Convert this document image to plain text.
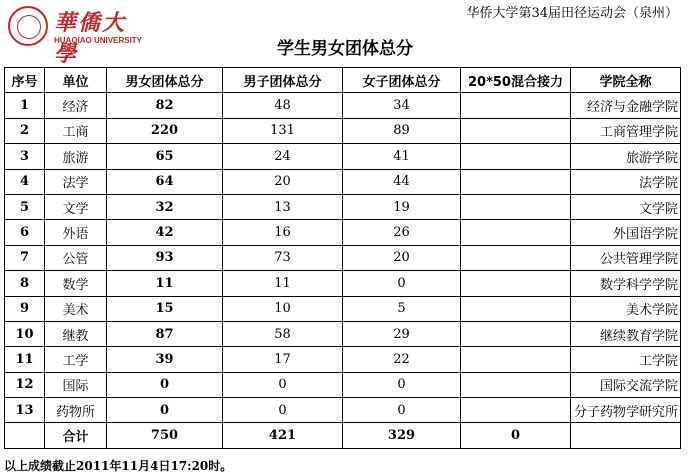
华侨大学第34届田径运动会（泉州）
華僑大學
HUAQIAO UNIVERSITY	学生男女团体总分
序号	单位	男女团体总分	男子团体总分	女子团体总分	20*50混合接力	学院全称
1	经济	82	48	34		经济与金融学院
2	工商	220	131	89		工商管理学院
3	旅游	65	24	41		旅游学院
4	法学	64	20	44		法学院
5	文学	32	13	19		文学院
6	外语	42	16	26		外国语学院
7	公管	93	73	20		公共管理学院
8	数学	11	11	0		数学科学学院
9	美术	15	10	5		美术学院
10	继教	87	58	29		继续教育学院
11	工学	39	17	22		工学院
12	国际	0	0	0		国际交流学院
13	药物所	0	0	0		分子药物学研究所
	合计	750	421	329	0	
以上成绩截止2011年11月4日17:20时。
